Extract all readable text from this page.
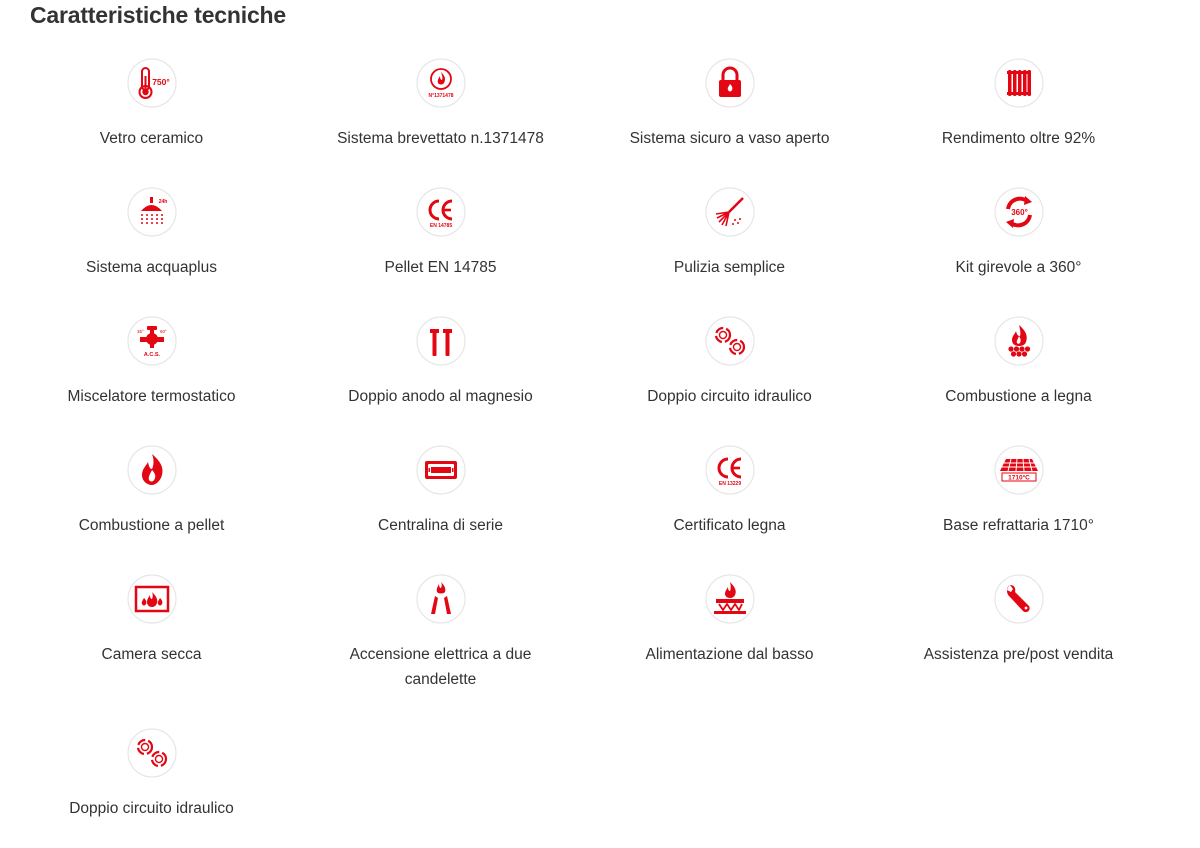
Caratteristiche tecniche
750°
Vetro ceramico
N°1371478
Sistema brevettato n.1371478	Sistema sicuro a vaso aperto	Rendimento oltre 92%
24h
Sistema acquaplus
EN 14785
Pellet EN 14785	Pulizia semplice
360°
Kit girevole a 360°
35°	60°
A.C.S.
Miscelatore termostatico	Doppio anodo al magnesio	Doppio circuito idraulico	Combustione a legna
Combustione a pellet	Centralina di serie
EN 13229
Certificato legna
1710°C
Base refrattaria 1710°
Camera secca	Accensione elettrica a due candelette
Alimentazione dal basso	Assistenza pre/post vendita
Doppio circuito idraulico
